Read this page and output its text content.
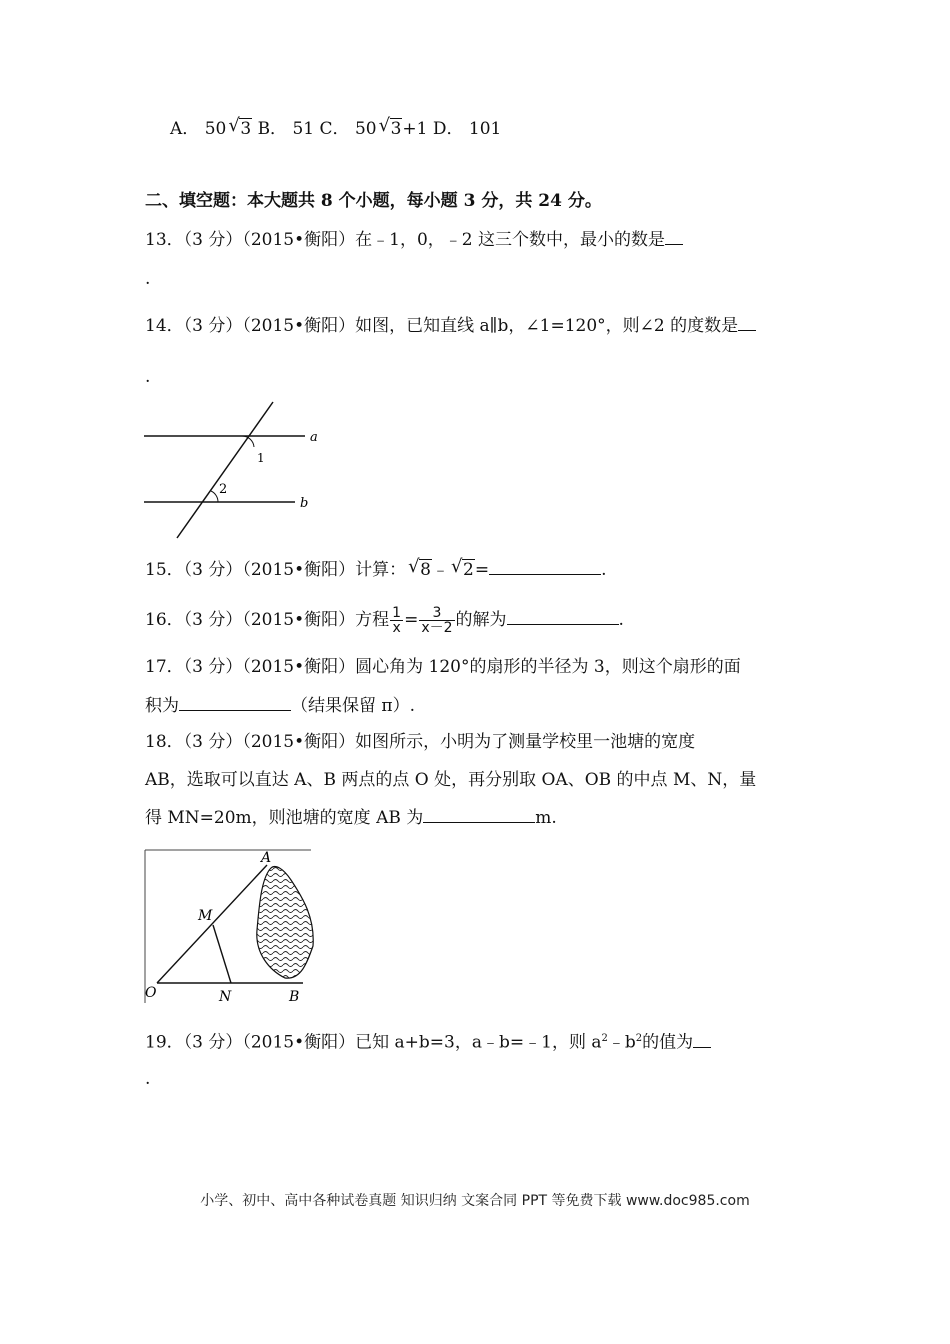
A． 50 √ 3 B． 51 C． 50 √ 3+1 D． 101
二、填空题：本大题共 8 个小题，每小题 3 分，共 24 分。
13．（3 分）（2015•衡阳）在﹣1，0，﹣2 这三个数中，最小的数是
.
14．（3 分）（2015•衡阳）如图，已知直线 a∥b，∠1=120°，则∠2 的度数是
.
a
b
1
2
15．（3 分）（2015•衡阳）计算： √ 8﹣ √ 2=	.
16．（3 分）（2015•衡阳）方程 $\frac{1}{x} = \frac{3}{x-2}$ 的解为	.
17．（3 分）（2015•衡阳）圆心角为 120°的扇形的半径为 3，则这个扇形的面
积为	（结果保留 π）.
18．（3 分）（2015•衡阳）如图所示，小明为了测量学校里一池塘的宽度
AB，选取可以直达 A、B 两点的点 O 处，再分别取 OA、OB 的中点 M、N，量
得 MN=20m，则池塘的宽度 AB 为	m.
A
M
O	N	B
19．（3 分）（2015•衡阳）已知 a+b=3，a﹣b=﹣1，则 $a^2﹣b^2$的值为
.
小学、初中、高中各种试卷真题 知识归纳 文案合同 PPT 等免费下载 www.doc985.com
